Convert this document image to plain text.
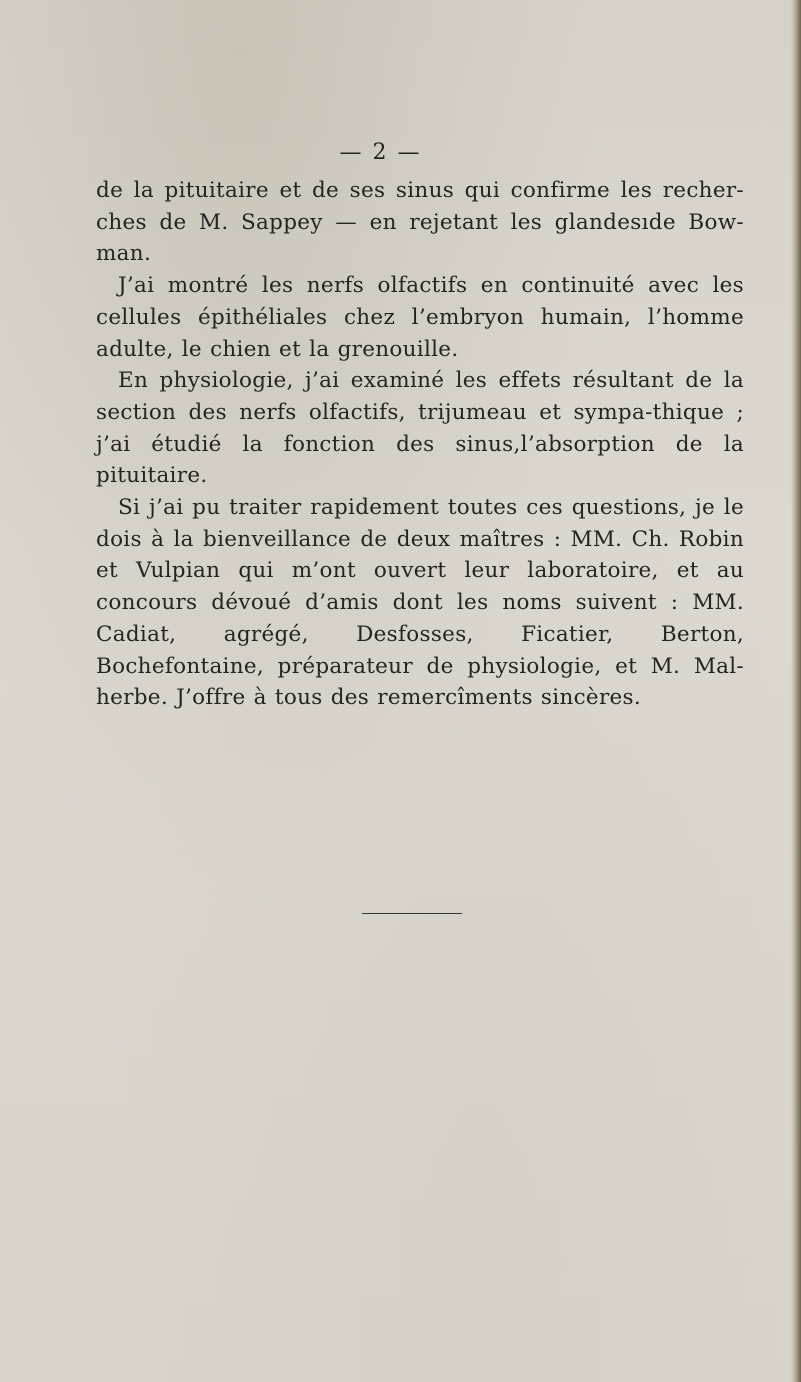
— 2 —

de la pituitaire et de ses sinus qui confirme les recher-ches de M. Sappey — en rejetant les glandesıde Bow-man.

J’ai montré les nerfs olfactifs en continuité avec les cellules épithéliales chez l’embryon humain, l’homme adulte, le chien et la grenouille.

En physiologie, j’ai examiné les effets résultant de la section des nerfs olfactifs, trijumeau et sympa-thique ; j’ai étudié la fonction des sinus,l’absorption de la pituitaire.

Si j’ai pu traiter rapidement toutes ces questions, je le dois à la bienveillance de deux maîtres : MM. Ch. Robin et Vulpian qui m’ont ouvert leur laboratoire, et au concours dévoué d’amis dont les noms suivent : MM. Cadiat, agrégé, Desfosses, Ficatier, Berton, Bochefontaine, préparateur de physiologie, et M. Mal-herbe. J’offre à tous des remercîments sincères.
